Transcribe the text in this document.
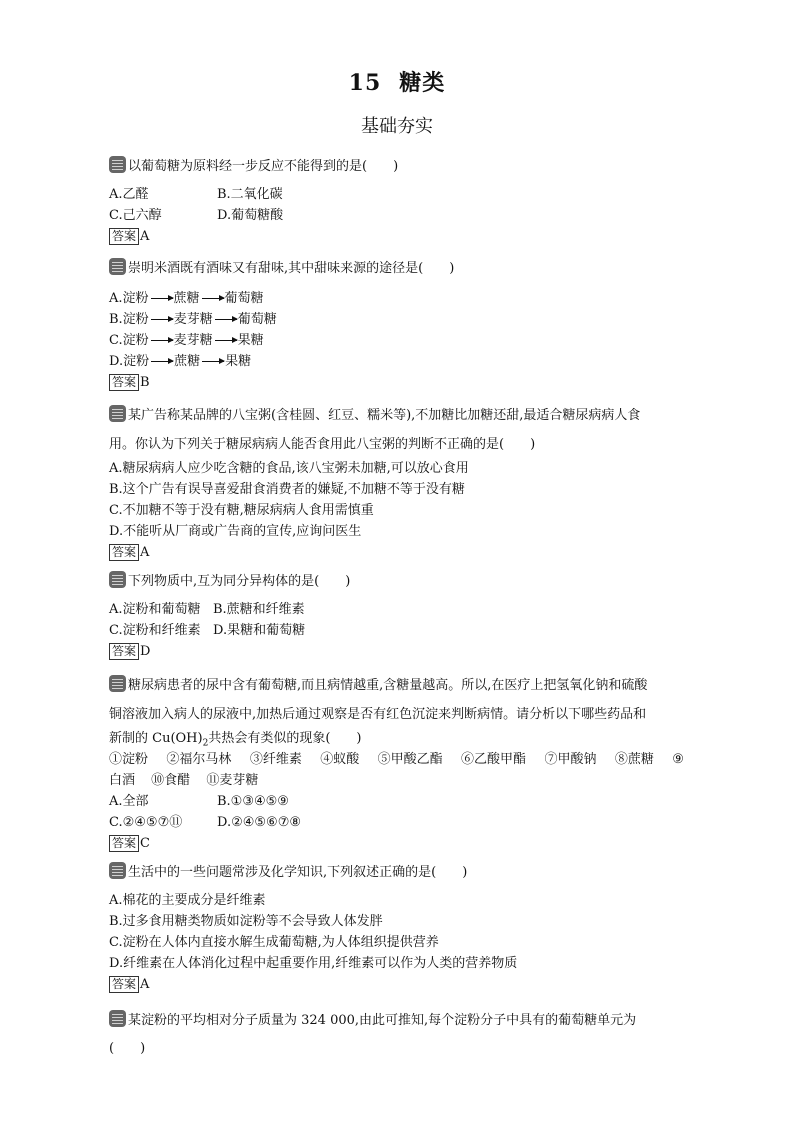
15 糖类
基础夯实
以葡萄糖为原料经一步反应不能得到的是(　　)
A.乙醛	B.二氧化碳
C.己六醇	D.葡萄糖酸
答案 A
崇明米酒既有酒味又有甜味,其中甜味来源的途径是(　　)
A.淀粉 蔗糖 葡萄糖
B.淀粉 麦芽糖 葡萄糖
C.淀粉 麦芽糖 果糖
D.淀粉 蔗糖 果糖
答案 B
某广告称某品牌的八宝粥(含桂圆、红豆、糯米等),不加糖比加糖还甜,最适合糖尿病病人食
用。你认为下列关于糖尿病病人能否食用此八宝粥的判断不正确的是(　　)
A.糖尿病病人应少吃含糖的食品,该八宝粥未加糖,可以放心食用
B.这个广告有误导喜爱甜食消费者的嫌疑,不加糖不等于没有糖
C.不加糖不等于没有糖,糖尿病病人食用需慎重
D.不能听从厂商或广告商的宣传,应询问医生
答案 A
下列物质中,互为同分异构体的是(　　)
A.淀粉和葡萄糖 B.蔗糖和纤维素
C.淀粉和纤维素 D.果糖和葡萄糖
答案 D
糖尿病患者的尿中含有葡萄糖,而且病情越重,含糖量越高。所以,在医疗上把氢氧化钠和硫酸
铜溶液加入病人的尿液中,加热后通过观察是否有红色沉淀来判断病情。请分析以下哪些药品和
新制的 $Cu(OH)_2$共热会有类似的现象(　　)
①淀粉 ②福尔马林 ③纤维素 ④蚁酸 ⑤甲酸乙酯 ⑥乙酸甲酯 ⑦甲酸钠 ⑧蔗糖 ⑨
白酒 ⑩食醋 ⑪麦芽糖
A.全部	B.①③④⑤⑨
C.②④⑤⑦⑪	D.②④⑤⑥⑦⑧
答案 C
生活中的一些问题常涉及化学知识,下列叙述正确的是(　　)
A.棉花的主要成分是纤维素
B.过多食用糖类物质如淀粉等不会导致人体发胖
C.淀粉在人体内直接水解生成葡萄糖,为人体组织提供营养
D.纤维素在人体消化过程中起重要作用,纤维素可以作为人类的营养物质
答案 A
某淀粉的平均相对分子质量为 324 000,由此可推知,每个淀粉分子中具有的葡萄糖单元为
(　　)
